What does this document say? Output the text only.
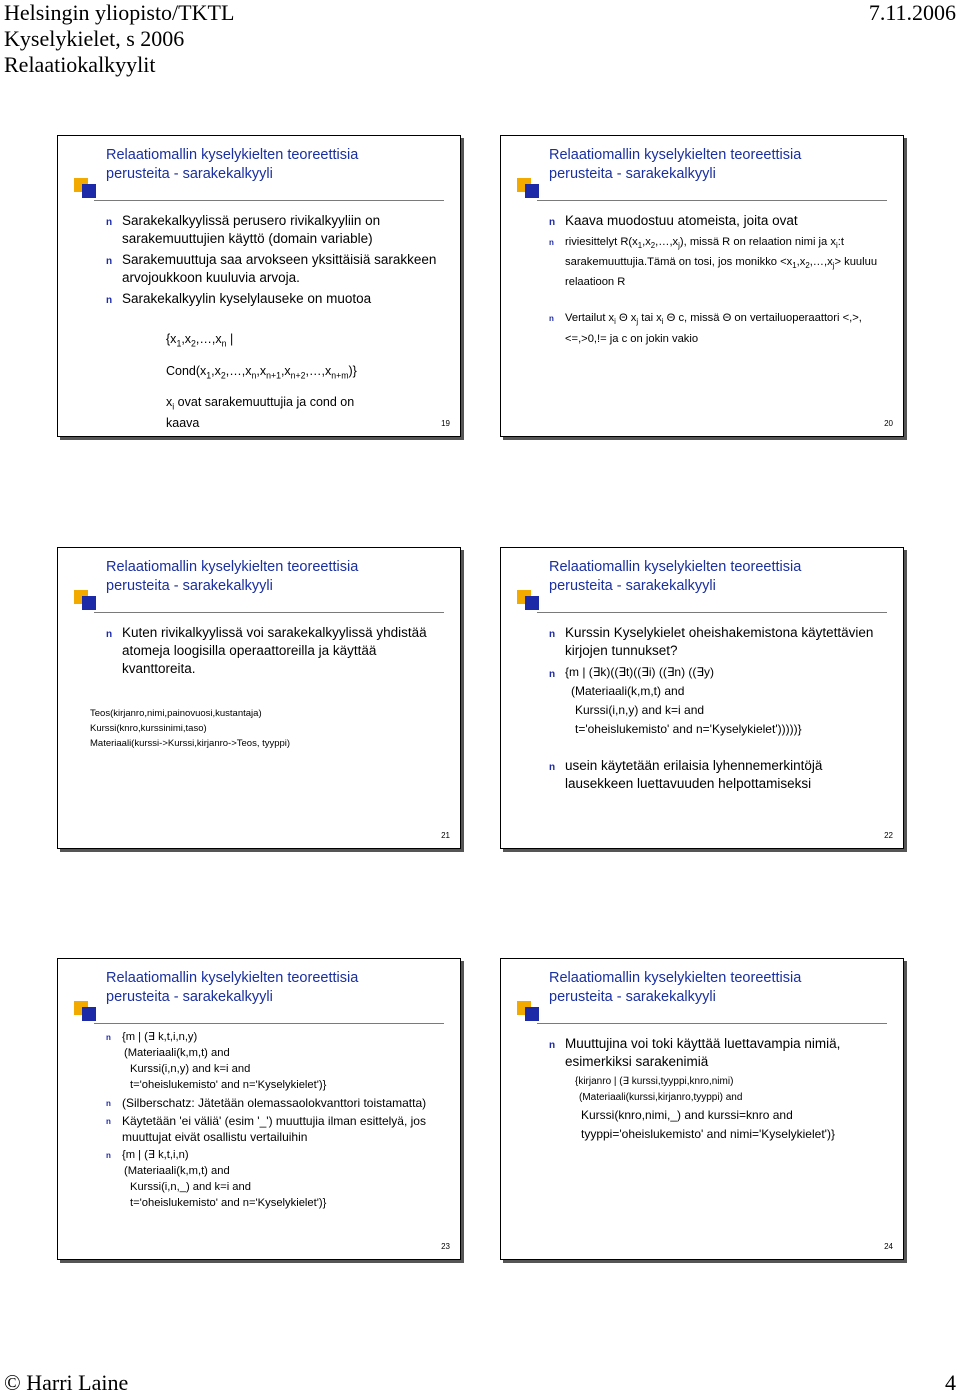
Helsingin yliopisto/TKTL
Kyselykielet, s 2006
Relaatiokalkyylit
7.11.2006
Relaatiomallin kyselykielten teoreettisia
perusteita - sarakekalkyyli
n Sarakekalkyylissä perusero rivikalkyyliin on sarakemuuttujien käyttö (domain variable)
n Sarakemuuttuja saa arvokseen yksittäisiä sarakkeen arvojoukkoon kuuluvia arvoja.
n Sarakekalkyylin kyselylauseke on muotoa
{$x_1,x_2,\dots,x_n$ |
$Cond(x_1,x_2,\dots,x_n,x_{n+1},x_{n+2},\dots,x_{n+m})$}
$x_i$ ovat sarakemuuttujia ja cond on kaava	19
Relaatiomallin kyselykielten teoreettisia
perusteita - sarakekalkyyli
n Kaava muodostuu atomeista, joita ovat
n riviesittelyt $R(x_1,x_2,\dots,x_j)$, missä R on relaation nimi ja $x_i:t$ sarakemuuttujia.Tämä on tosi, jos monikko $<x_1,x_2,\dots,x_j>$ kuuluu relaatioon R
n Vertailut $x_i$ Θ $x_j$ tai $x_i$ Θ c, missä Θ on vertailuoperaattori <,>,<=,>0,!= ja c on jokin vakio
20
Relaatiomallin kyselykielten teoreettisia
perusteita - sarakekalkyyli
n Kuten rivikalkyylissä voi sarakekalkyylissä yhdistää atomeja loogisilla operaattoreilla ja käyttää kvanttoreita.
Teos(kirjanro,nimi,painovuosi,kustantaja)
Kurssi(knro,kurssinimi,taso)
Materiaali(kurssi->Kurssi,kirjanro->Teos, tyyppi)
21
Relaatiomallin kyselykielten teoreettisia
perusteita - sarakekalkyyli
n Kurssin Kyselykielet oheishakemistona käytettävien kirjojen tunnukset?
n {m | (∃k)((∃t)((∃i) ((∃n) ((∃y)
(Materiaali(k,m,t) and
Kurssi(i,n,y) and k=i and
t='oheislukemisto' and n='Kyselykielet')))))}
n usein käytetään erilaisia lyhennemerkintöjä lausekkeen luettavuuden helpottamiseksi
22
Relaatiomallin kyselykielten teoreettisia
perusteita - sarakekalkyyli
n {m | (∃ k,t,i,n,y)
(Materiaali(k,m,t) and
Kurssi(i,n,y) and k=i and
t='oheislukemisto' and n='Kyselykielet')}
n (Silberschatz: Jätetään olemassaolokvanttori toistamatta)
n Käytetään 'ei väliä' (esim '_') muuttujia ilman esittelyä, jos muuttujat eivät osallistu vertailuihin
n {m | (∃ k,t,i,n)
(Materiaali(k,m,t) and
Kurssi(i,n,_) and k=i and
t='oheislukemisto' and n='Kyselykielet')}
23
Relaatiomallin kyselykielten teoreettisia
perusteita - sarakekalkyyli
n Muuttujina voi toki käyttää luettavampia nimiä, esimerkiksi sarakenimiä
{kirjanro | (∃ kurssi,tyyppi,knro,nimi)
(Materiaali(kurssi,kirjanro,tyyppi) and
Kurssi(knro,nimi,_) and kurssi=knro and
tyyppi='oheislukemisto' and nimi='Kyselykielet')}
24
© Harri Laine	4
